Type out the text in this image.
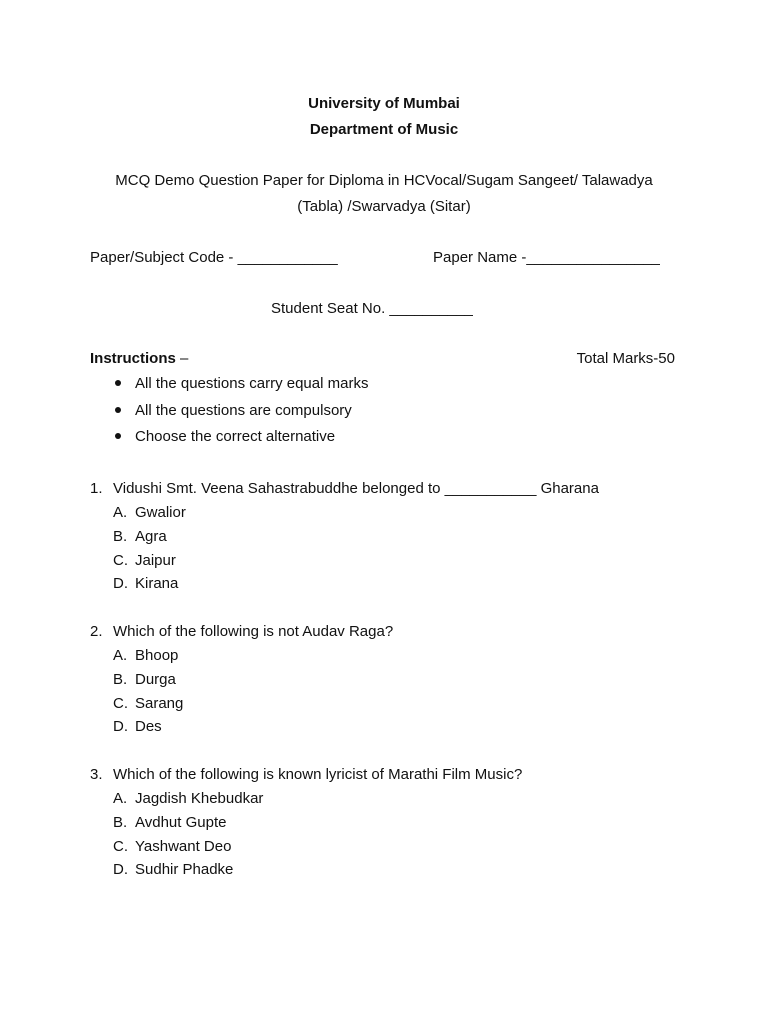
University of Mumbai
Department of Music
MCQ Demo Question Paper for Diploma in HCVocal/Sugam Sangeet/ Talawadya
(Tabla) /Swarvadya (Sitar)
Paper/Subject Code - ____________	Paper Name -________________
Student Seat No. __________
Instructions –	Total Marks-50
All the questions carry equal marks
All the questions are compulsory
Choose the correct alternative
1. Vidushi Smt. Veena Sahastrabuddhe belonged to ___________ Gharana
A. Gwalior
B. Agra
C. Jaipur
D. Kirana
2. Which of the following is not Audav Raga?
A. Bhoop
B. Durga
C. Sarang
D. Des
3. Which of the following is known lyricist of Marathi Film Music?
A. Jagdish Khebudkar
B. Avdhut Gupte
C. Yashwant Deo
D. Sudhir Phadke
